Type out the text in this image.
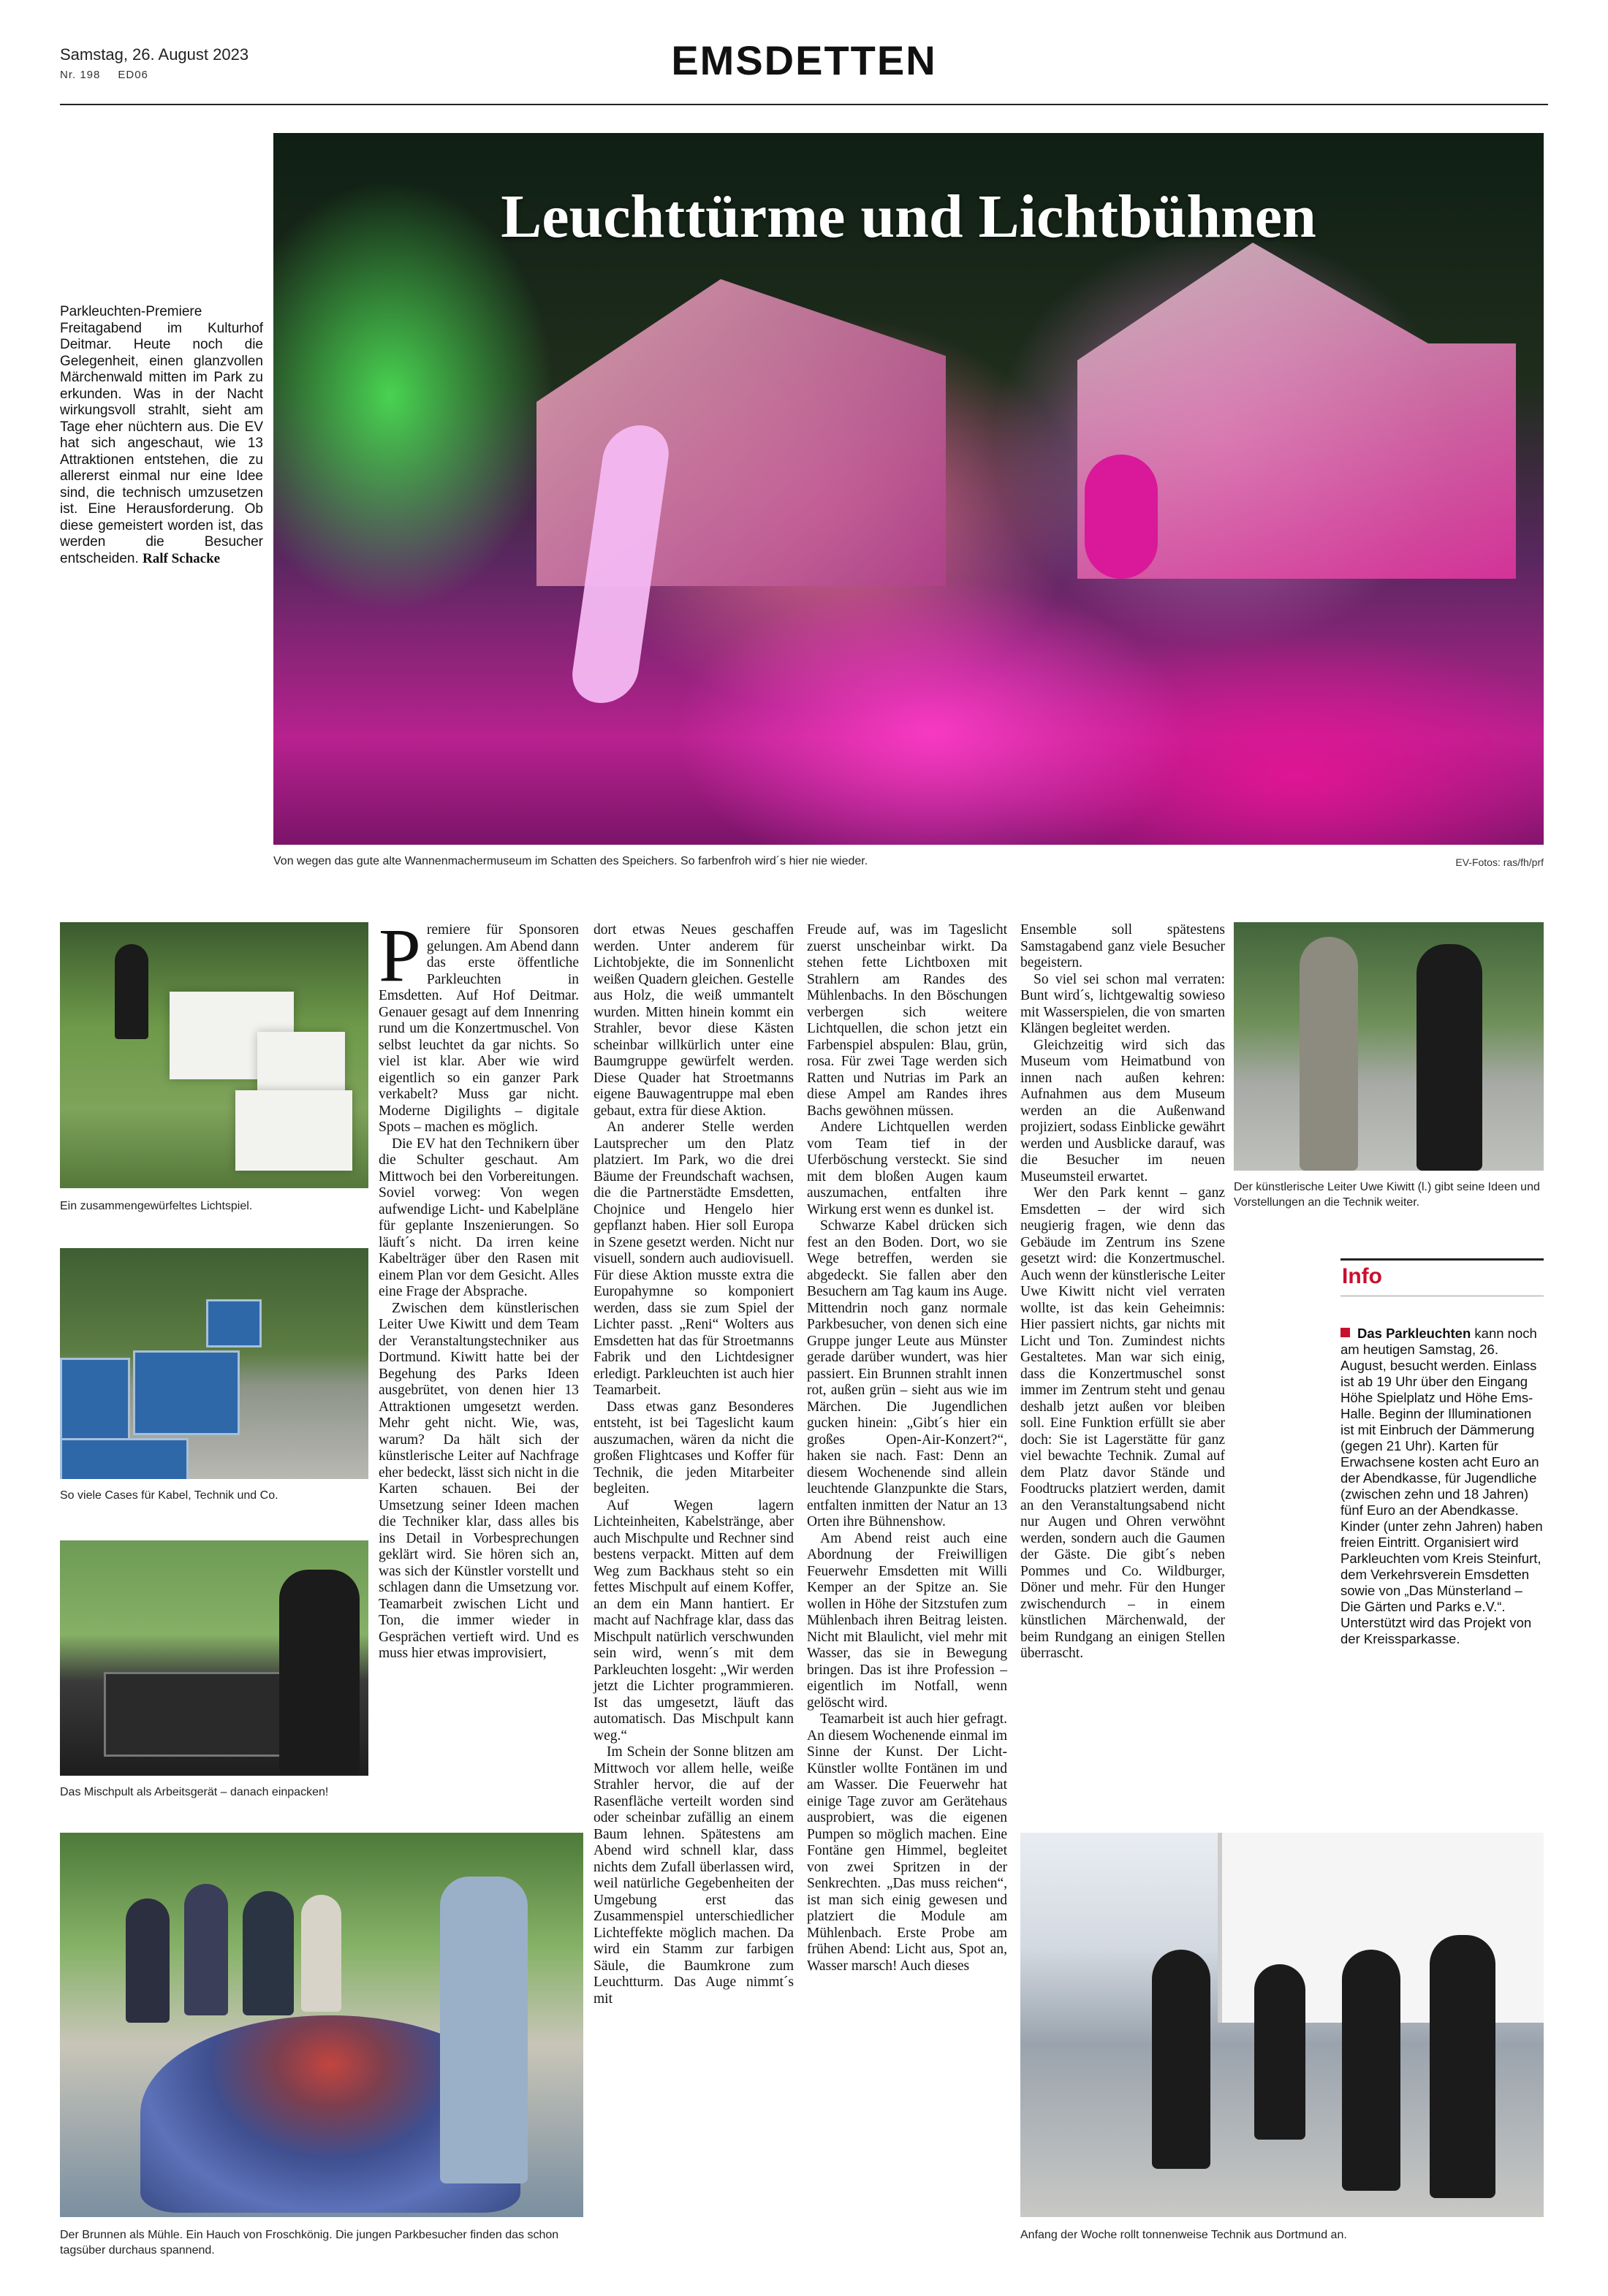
Samstag, 26. August 2023
Nr. 198 ED06	EMSDETTEN
Parkleuchten-Premiere Freitagabend im Kulturhof Deitmar. Heute noch die Gelegenheit, einen glanzvollen Märchenwald mitten im Park zu erkunden. Was in der Nacht wirkungsvoll strahlt, sieht am Tage eher nüchtern aus. Die EV hat sich angeschaut, wie 13 Attraktionen entstehen, die zu allererst einmal nur eine Idee sind, die technisch umzusetzen ist. Eine Herausforderung. Ob diese gemeistert worden ist, das werden die Besucher entscheiden. Ralf Schacke
Leuchttürme und Lichtbühnen
Von wegen das gute alte Wannenmachermuseum im Schatten des Speichers. So farbenfroh wird´s hier nie wieder.	EV-Fotos: ras/fh/prf
Ein zusammengewürfeltes Lichtspiel.
So viele Cases für Kabel, Technik und Co.
Das Mischpult als Arbeitsgerät – danach einpacken!
Der Brunnen als Mühle. Ein Hauch von Froschkönig. Die jungen Parkbesucher finden das schon tagsüber durchaus spannend.
Der künstlerische Leiter Uwe Kiwitt (l.) gibt seine Ideen und Vorstellungen an die Technik weiter.
Anfang der Woche rollt tonnenweise Technik aus Dortmund an.

Premiere für Sponsoren gelungen. Am Abend dann das erste öffentliche Parkleuchten in Emsdetten. Auf Hof Deitmar. Genauer gesagt auf dem Innenring rund um die Konzertmuschel. Von selbst leuchtet da gar nichts. So viel ist klar. Aber wie wird eigentlich so ein ganzer Park verkabelt? Muss gar nicht. Moderne Digilights – digitale Spots – machen es möglich.

Die EV hat den Technikern über die Schulter geschaut. Am Mittwoch bei den Vorbereitungen. Soviel vorweg: Von wegen aufwendige Licht- und Kabelpläne für geplante Inszenierungen. So läuft´s nicht. Da irren keine Kabelträger über den Rasen mit einem Plan vor dem Gesicht. Alles eine Frage der Absprache.

Zwischen dem künstlerischen Leiter Uwe Kiwitt und dem Team der Veranstaltungstechniker aus Dortmund. Kiwitt hatte bei der Begehung des Parks Ideen ausgebrütet, von denen hier 13 Attraktionen umgesetzt werden. Mehr geht nicht. Wie, was, warum? Da hält sich der künstlerische Leiter auf Nachfrage eher bedeckt, lässt sich nicht in die Karten schauen. Bei der Umsetzung seiner Ideen machen die Techniker klar, dass alles bis ins Detail in Vorbesprechungen geklärt wird. Sie hören sich an, was sich der Künstler vorstellt und schlagen dann die Umsetzung vor. Teamarbeit zwischen Licht und Ton, die immer wieder in Gesprächen vertieft wird. Und es muss hier etwas improvisiert,

dort etwas Neues geschaffen werden. Unter anderem für Lichtobjekte, die im Sonnenlicht weißen Quadern gleichen. Gestelle aus Holz, die weiß ummantelt wurden. Mitten hinein kommt ein Strahler, bevor diese Kästen scheinbar willkürlich unter eine Baumgruppe gewürfelt werden. Diese Quader hat Stroetmanns eigene Bauwagentruppe mal eben gebaut, extra für diese Aktion.

An anderer Stelle werden Lautsprecher um den Platz platziert. Im Park, wo die drei Bäume der Freundschaft wachsen, die die Partnerstädte Emsdetten, Chojnice und Hengelo hier gepflanzt haben. Hier soll Europa in Szene gesetzt werden. Nicht nur visuell, sondern auch audiovisuell. Für diese Aktion musste extra die Europahymne so komponiert werden, dass sie zum Spiel der Lichter passt. „Reni“ Wolters aus Emsdetten hat das für Stroetmanns Fabrik und den Lichtdesigner erledigt. Parkleuchten ist auch hier Teamarbeit.

Dass etwas ganz Besonderes entsteht, ist bei Tageslicht kaum auszumachen, wären da nicht die großen Flightcases und Koffer für Technik, die jeden Mitarbeiter begleiten.

Auf Wegen lagern Lichteinheiten, Kabelstränge, aber auch Mischpulte und Rechner sind bestens verpackt. Mitten auf dem Weg zum Backhaus steht so ein fettes Mischpult auf einem Koffer, an dem ein Mann hantiert. Er macht auf Nachfrage klar, dass das Mischpult natürlich verschwunden sein wird, wenn´s mit dem Parkleuchten losgeht: „Wir werden jetzt die Lichter programmieren. Ist das umgesetzt, läuft das automatisch. Das Mischpult kann weg.“

Im Schein der Sonne blitzen am Mittwoch vor allem helle, weiße Strahler hervor, die auf der Rasenfläche verteilt worden sind oder scheinbar zufällig an einem Baum lehnen. Spätestens am Abend wird schnell klar, dass nichts dem Zufall überlassen wird, weil natürliche Gegebenheiten der Umgebung erst das Zusammenspiel unterschiedlicher Lichteffekte möglich machen. Da wird ein Stamm zur farbigen Säule, die Baumkrone zum Leuchtturm. Das Auge nimmt´s mit

Freude auf, was im Tageslicht zuerst unscheinbar wirkt. Da stehen fette Lichtboxen mit Strahlern am Randes des Mühlenbachs. In den Böschungen verbergen sich weitere Lichtquellen, die schon jetzt ein Farbenspiel abspulen: Blau, grün, rosa. Für zwei Tage werden sich Ratten und Nutrias im Park an diese Ampel am Randes ihres Bachs gewöhnen müssen.

Andere Lichtquellen werden vom Team tief in der Uferböschung versteckt. Sie sind mit dem bloßen Augen kaum auszumachen, entfalten ihre Wirkung erst wenn es dunkel ist.

Schwarze Kabel drücken sich fest an den Boden. Dort, wo sie Wege betreffen, werden sie abgedeckt. Sie fallen aber den Besuchern am Tag kaum ins Auge. Mittendrin noch ganz normale Parkbesucher, von denen sich eine Gruppe junger Leute aus Münster gerade darüber wundert, was hier passiert. Ein Brunnen strahlt innen rot, außen grün – sieht aus wie im Märchen. Die Jugendlichen gucken hinein: „Gibt´s hier ein großes Open-Air-Konzert?“, haken sie nach. Fast: Denn an diesem Wochenende sind allein leuchtende Glanzpunkte die Stars, entfalten inmitten der Natur an 13 Orten ihre Bühnenshow.

Am Abend reist auch eine Abordnung der Freiwilligen Feuerwehr Emsdetten mit Willi Kemper an der Spitze an. Sie wollen in Höhe der Sitzstufen zum Mühlenbach ihren Beitrag leisten. Nicht mit Blaulicht, viel mehr mit Wasser, das sie in Bewegung bringen. Das ist ihre Profession – eigentlich im Notfall, wenn gelöscht wird.

Teamarbeit ist auch hier gefragt. An diesem Wochenende einmal im Sinne der Kunst. Der Licht-Künstler wollte Fontänen im und am Wasser. Die Feuerwehr hat einige Tage zuvor am Gerätehaus ausprobiert, was die eigenen Pumpen so möglich machen. Eine Fontäne gen Himmel, begleitet von zwei Spritzen in der Senkrechten. „Das muss reichen“, ist man sich einig gewesen und platziert die Module am Mühlenbach. Erste Probe am frühen Abend: Licht aus, Spot an, Wasser marsch! Auch dieses

Ensemble soll spätestens Samstagabend ganz viele Besucher begeistern.

So viel sei schon mal verraten: Bunt wird´s, lichtgewaltig sowieso mit Wasserspielen, die von smarten Klängen begleitet werden.

Gleichzeitig wird sich das Museum vom Heimatbund von innen nach außen kehren: Aufnahmen aus dem Museum werden an die Außenwand projiziert, sodass Einblicke gewährt werden und Ausblicke darauf, was die Besucher im neuen Museumsteil erwartet.

Wer den Park kennt – ganz Emsdetten – der wird sich neugierig fragen, wie denn das Gebäude im Zentrum ins Szene gesetzt wird: die Konzertmuschel. Auch wenn der künstlerische Leiter Uwe Kiwitt nicht viel verraten wollte, ist das kein Geheimnis: Hier passiert nichts, gar nichts mit Licht und Ton. Zumindest nichts Gestaltetes. Man war sich einig, dass die Konzertmuschel sonst immer im Zentrum steht und genau deshalb jetzt außen vor bleiben soll. Eine Funktion erfüllt sie aber doch: Sie ist Lagerstätte für ganz viel bewachte Technik. Zumal auf dem Platz davor Stände und Foodtrucks platziert werden, damit an den Veranstaltungsabend nicht nur Augen und Ohren verwöhnt werden, sondern auch die Gaumen der Gäste. Die gibt´s neben Pommes und Co. Wildburger, Döner und mehr. Für den Hunger zwischendurch – in einem künstlichen Märchenwald, der beim Rundgang an einigen Stellen überrascht.

Info
Das Parkleuchten kann noch am heutigen Samstag, 26. August, besucht werden. Einlass ist ab 19 Uhr über den Eingang Höhe Spielplatz und Höhe Ems-Halle. Beginn der Illuminationen ist mit Einbruch der Dämmerung (gegen 21 Uhr). Karten für Erwachsene kosten acht Euro an der Abendkasse, für Jugendliche (zwischen zehn und 18 Jahren) fünf Euro an der Abendkasse. Kinder (unter zehn Jahren) haben freien Eintritt. Organisiert wird Parkleuchten vom Kreis Steinfurt, dem Verkehrsverein Emsdetten sowie von „Das Münsterland – Die Gärten und Parks e.V.“. Unterstützt wird das Projekt von der Kreissparkasse.
